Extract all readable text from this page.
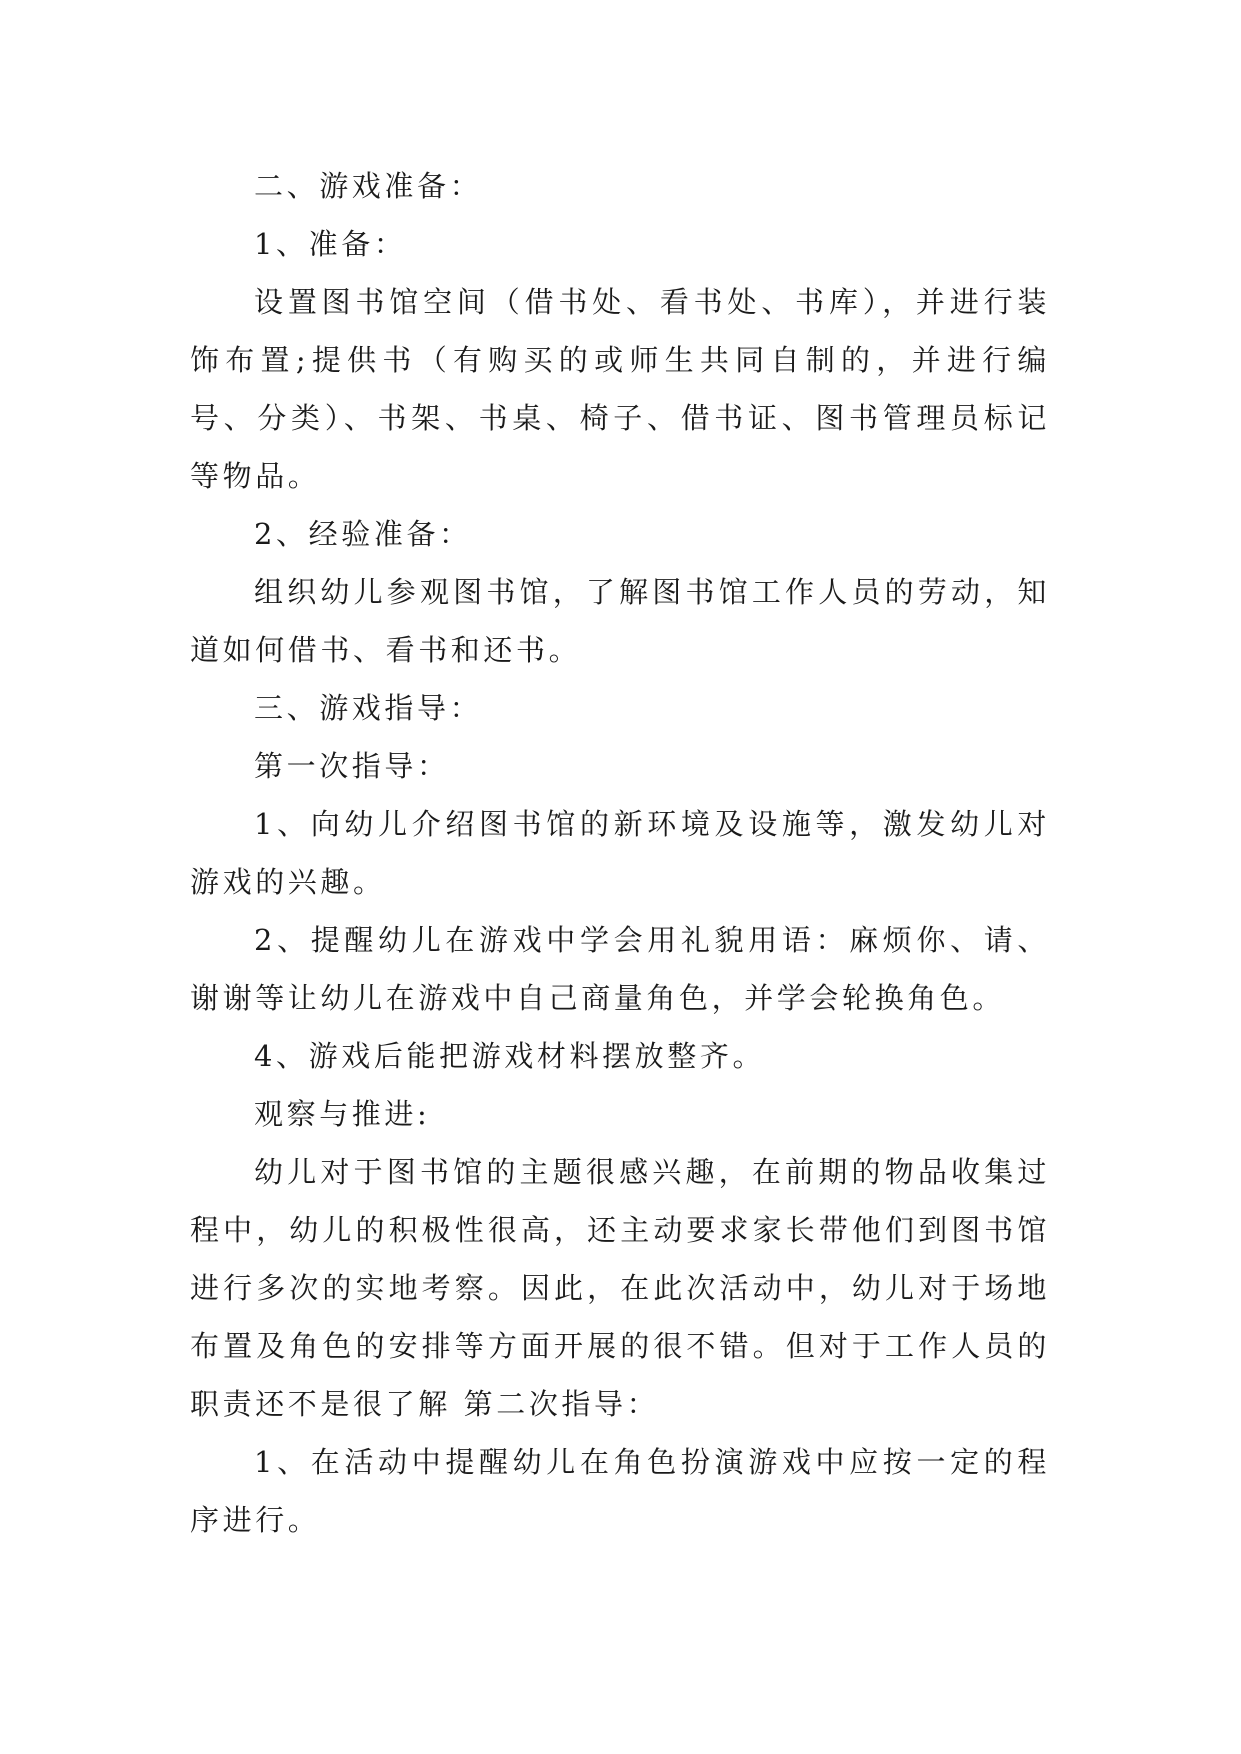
二、游戏准备：

1、准备：

设置图书馆空间（借书处、看书处、书库），并进行装饰布置;提供书（有购买的或师生共同自制的，并进行编号、分类）、书架、书桌、椅子、借书证、图书管理员标记等物品。

2、经验准备：

组织幼儿参观图书馆，了解图书馆工作人员的劳动，知道如何借书、看书和还书。

三、游戏指导：

第一次指导：

1、向幼儿介绍图书馆的新环境及设施等，激发幼儿对游戏的兴趣。

2、提醒幼儿在游戏中学会用礼貌用语：麻烦你、请、谢谢等让幼儿在游戏中自己商量角色，并学会轮换角色。

4、游戏后能把游戏材料摆放整齐。

观察与推进:

幼儿对于图书馆的主题很感兴趣，在前期的物品收集过程中，幼儿的积极性很高，还主动要求家长带他们到图书馆进行多次的实地考察。因此，在此次活动中，幼儿对于场地布置及角色的安排等方面开展的很不错。但对于工作人员的职责还不是很了解 第二次指导：

1、在活动中提醒幼儿在角色扮演游戏中应按一定的程序进行。
